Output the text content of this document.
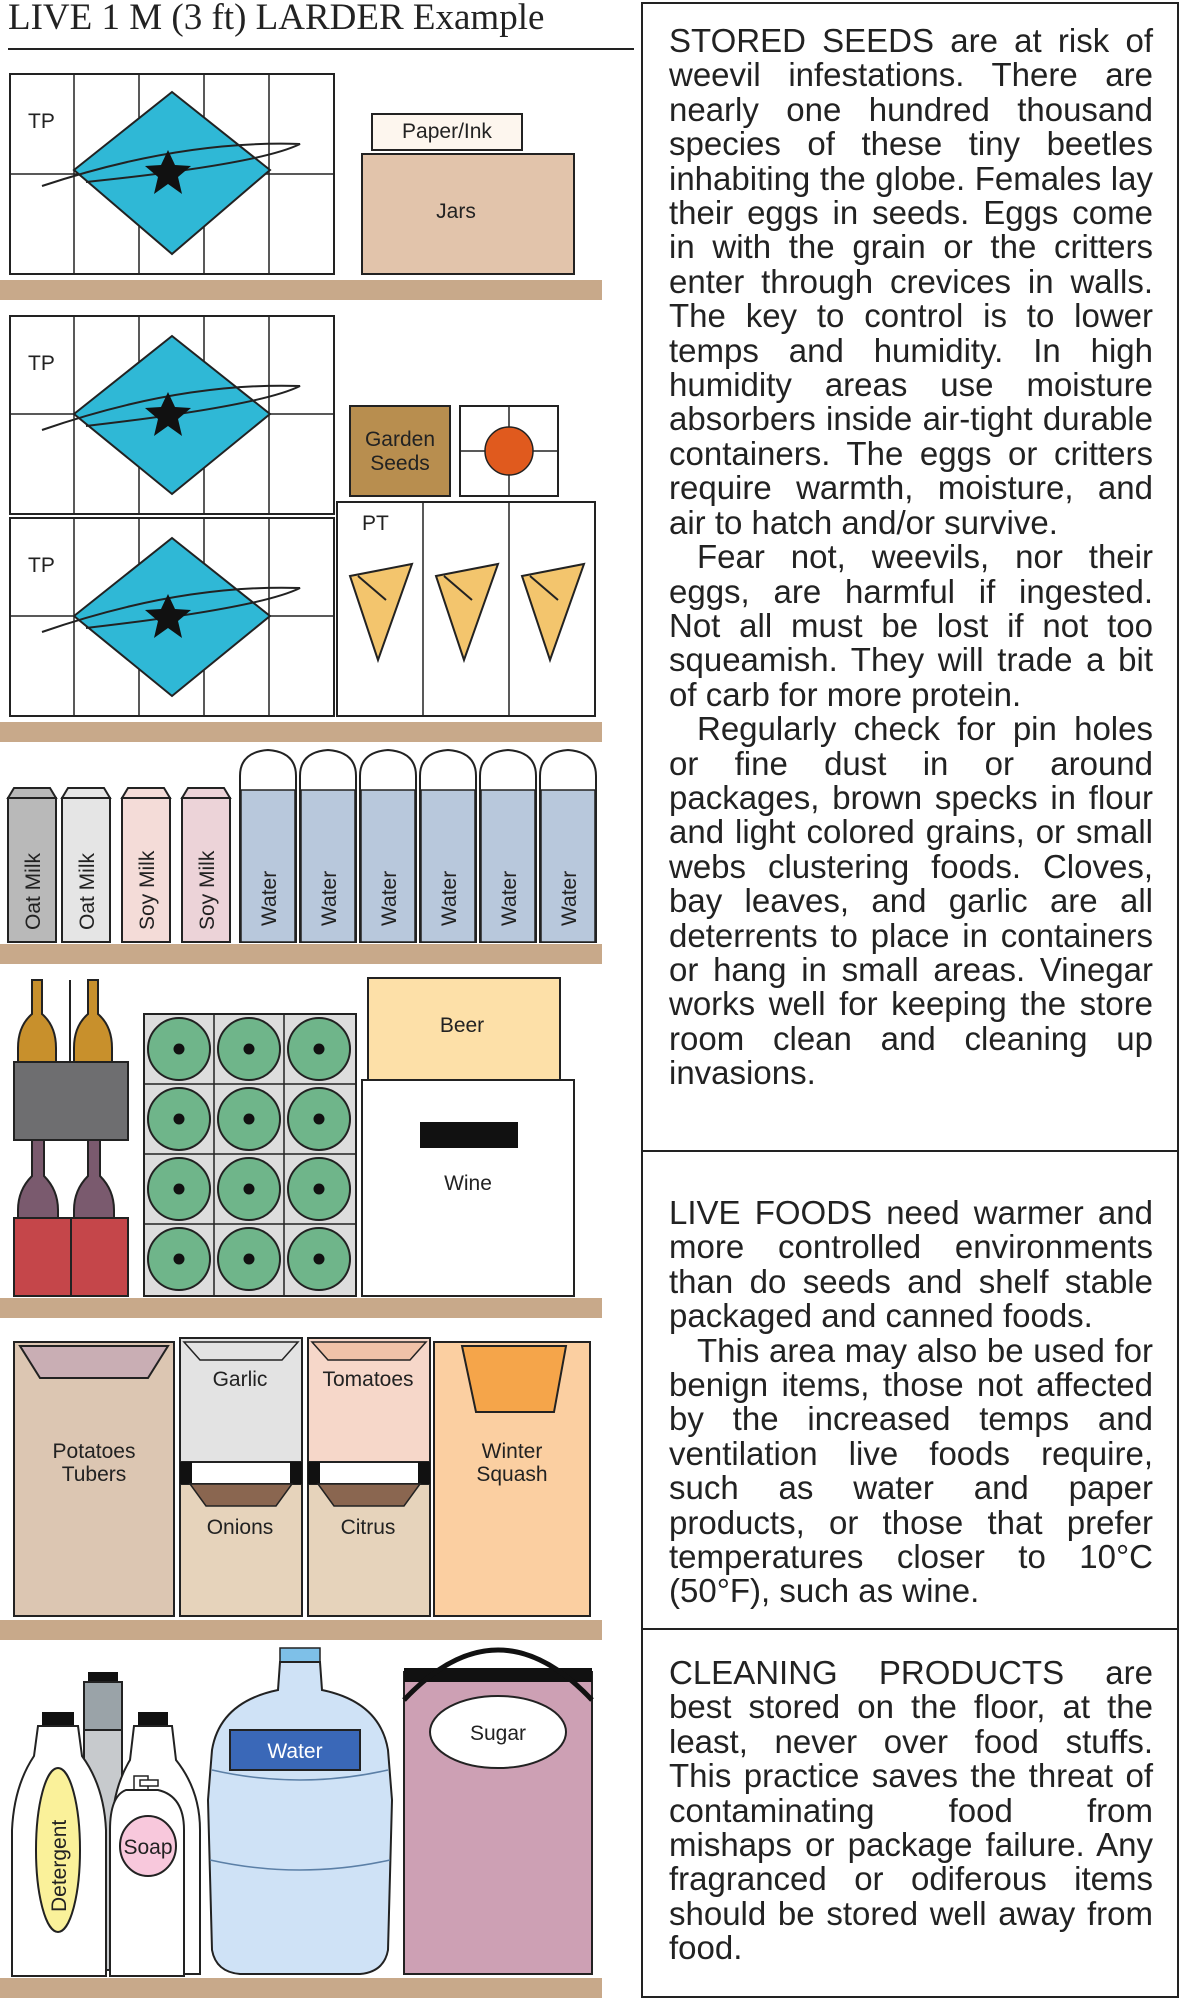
LIVE 1 M (3 ft) LARDER Example
TP	Paper/Ink
Jars
TP
TP
Garden
Seeds
PT
Oat Milk Oat Milk Soy Milk Soy Milk Water Water Water Water Water Water
Beer
Wine
Potatoes
Tubers
Garlic
Onions
Tomatoes
Citrus
Winter
Squash
Detergent Soap
Water
Sugar

STORED SEEDS are at risk of weevil infestations. There are nearly one hundred thousand species of these tiny beetles inhabiting the globe. Females lay their eggs in seeds. Eggs come in with the grain or the critters enter through crevices in walls. The key to control is to lower temps and humidity. In high humidity areas use moisture absorbers inside air-tight durable containers. The eggs or critters require warmth, moisture, and air to hatch and/or survive.

Fear not, weevils, nor their eggs, are harmful if ingested. Not all must be lost if not too squeamish. They will trade a bit of carb for more protein.

Regularly check for pin holes or fine dust in or around packages, brown specks in flour and light colored grains, or small webs clustering foods. Cloves, bay leaves, and garlic are all deterrents to place in containers or hang in small areas. Vinegar works well for keeping the store room clean and cleaning up invasions.

LIVE FOODS need warmer and more controlled environments than do seeds and shelf stable packaged and canned foods.

This area may also be used for benign items, those not affected by the increased temps and ventilation live foods require, such as water and paper products, or those that prefer temperatures closer to 10°C (50°F), such as wine.

CLEANING PRODUCTS are best stored on the floor, at the least, never over food stuffs. This practice saves the threat of contaminating food from mishaps or package failure. Any fragranced or odiferous items should be stored well away from food.
